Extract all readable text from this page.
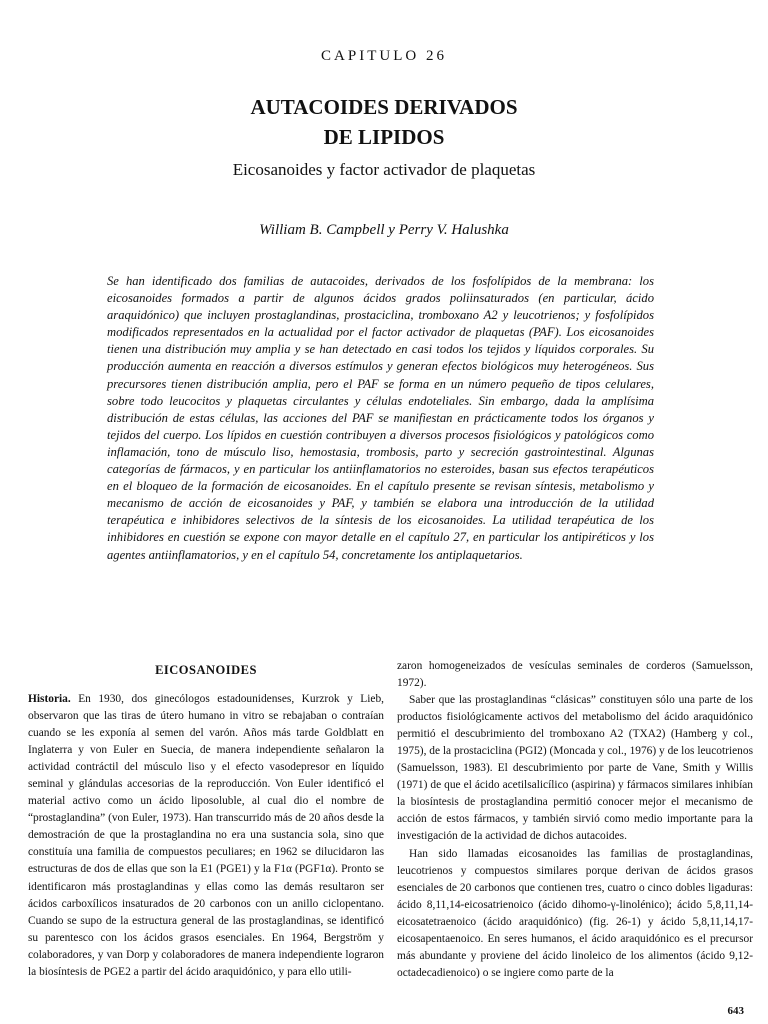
CAPITULO 26
AUTACOIDES DERIVADOS
DE LIPIDOS
Eicosanoides y factor activador de plaquetas
William B. Campbell y Perry V. Halushka

Se han identificado dos familias de autacoides, derivados de los fosfolípidos de la membrana: los eicosanoides formados a partir de algunos ácidos grados poliinsaturados (en particular, ácido araquidónico) que incluyen prostaglandinas, prostaciclina, tromboxano A2 y leucotrienos; y fosfolípidos modificados representados en la actualidad por el factor activador de plaquetas (PAF). Los eicosanoides tienen una distribución muy amplia y se han detectado en casi todos los tejidos y líquidos corporales. Su producción aumenta en reacción a diversos estímulos y generan efectos biológicos muy heterogéneos. Sus precursores tienen distribución amplia, pero el PAF se forma en un número pequeño de tipos celulares, sobre todo leucocitos y plaquetas circulantes y células endoteliales. Sin embargo, dada la amplísima distribución de estas células, las acciones del PAF se manifiestan en prácticamente todos los órganos y tejidos del cuerpo. Los lípidos en cuestión contribuyen a diversos procesos fisiológicos y patológicos como inflamación, tono de músculo liso, hemostasia, trombosis, parto y secreción gastrointestinal. Algunas categorías de fármacos, y en particular los antiinflamatorios no esteroides, basan sus efectos terapéuticos en el bloqueo de la formación de eicosanoides. En el capítulo presente se revisan síntesis, metabolismo y mecanismo de acción de eicosanoides y PAF, y también se elabora una introducción de la utilidad terapéutica e inhibidores selectivos de la síntesis de los eicosanoides. La utilidad terapéutica de los inhibidores en cuestión se expone con mayor detalle en el capítulo 27, en particular los antipiréticos y los agentes antiinflamatorios, y en el capítulo 54, concretamente los antiplaquetarios.

EICOSANOIDES

Historia. En 1930, dos ginecólogos estadounidenses, Kurzrok y Lieb, observaron que las tiras de útero humano in vitro se rebajaban o contraían cuando se les exponía al semen del varón. Años más tarde Goldblatt en Inglaterra y von Euler en Suecia, de manera independiente señalaron la actividad contráctil del músculo liso y el efecto vasodepresor en líquido seminal y glándulas accesorias de la reproducción. Von Euler identificó el material activo como un ácido liposoluble, al cual dio el nombre de “prostaglandina” (von Euler, 1973). Han transcurrido más de 20 años desde la demostración de que la prostaglandina no era una sustancia sola, sino que constituía una familia de compuestos peculiares; en 1962 se dilucidaron las estructuras de dos de ellas que son la E1 (PGE1) y la F1α (PGF1α). Pronto se identificaron más prostaglandinas y ellas como las demás resultaron ser ácidos carboxílicos insaturados de 20 carbonos con un anillo ciclopentano. Cuando se supo de la estructura general de las prostaglandinas, se identificó su parentesco con los ácidos grasos esenciales. En 1964, Bergström y colaboradores, y van Dorp y colaboradores de manera independiente lograron la biosíntesis de PGE2 a partir del ácido araquidónico, y para ello utili-

zaron homogeneizados de vesículas seminales de corderos (Samuelsson, 1972).

Saber que las prostaglandinas “clásicas” constituyen sólo una parte de los productos fisiológicamente activos del metabolismo del ácido araquidónico permitió el descubrimiento del tromboxano A2 (TXA2) (Hamberg y col., 1975), de la prostaciclina (PGI2) (Moncada y col., 1976) y de los leucotrienos (Samuelsson, 1983). El descubrimiento por parte de Vane, Smith y Willis (1971) de que el ácido acetilsalicílico (aspirina) y fármacos similares inhibían la biosíntesis de prostaglandina permitió conocer mejor el mecanismo de acción de estos fármacos, y también sirvió como medio importante para la investigación de la actividad de dichos autacoides.

Han sido llamadas eicosanoides las familias de prostaglandinas, leucotrienos y compuestos similares porque derivan de ácidos grasos esenciales de 20 carbonos que contienen tres, cuatro o cinco dobles ligaduras: ácido 8,11,14-eicosatrienoico (ácido dihomo-γ-linolénico); ácido 5,8,11,14-eicosatetraenoico (ácido araquidónico) (fig. 26-1) y ácido 5,8,11,14,17-eicosapentaenoico. En seres humanos, el ácido araquidónico es el precursor más abundante y proviene del ácido linoleico de los alimentos (ácido 9,12-octadecadienoico) o se ingiere como parte de la

643
